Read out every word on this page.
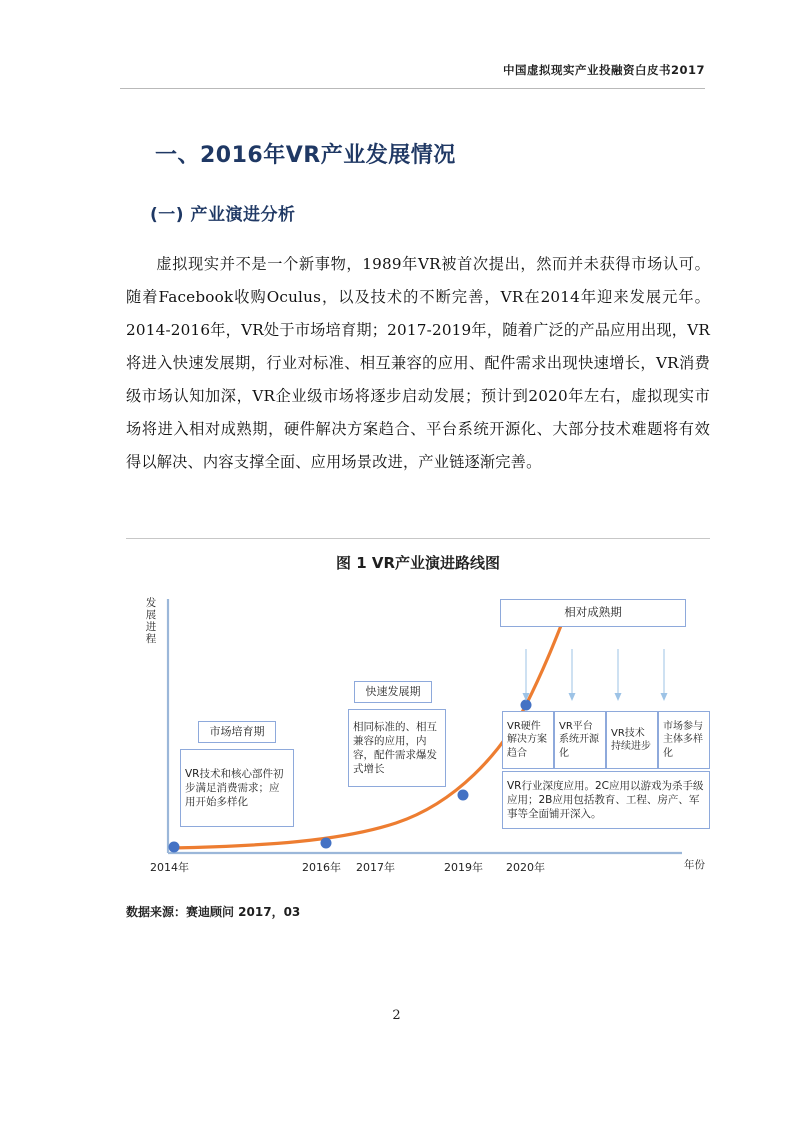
中国虚拟现实产业投融资白皮书2017
一、2016年VR产业发展情况
(一) 产业演进分析
虚拟现实并不是一个新事物，1989年VR被首次提出，然而并未获得市场认可。随着Facebook收购Oculus，以及技术的不断完善，VR在2014年迎来发展元年。2014-2016年，VR处于市场培育期；2017-2019年，随着广泛的产品应用出现，VR将进入快速发展期，行业对标准、相互兼容的应用、配件需求出现快速增长，VR消费级市场认知加深，VR企业级市场将逐步启动发展；预计到2020年左右，虚拟现实市场将进入相对成熟期，硬件解决方案趋合、平台系统开源化、大部分技术难题将有效得以解决、内容支撑全面、应用场景改进，产业链逐渐完善。
图 1 VR产业演进路线图
发展进程
年份
2014年	2016年 2017年	2019年 2020年
相对成熟期
快速发展期
市场培育期
VR技术和核心部件初步满足消费需求；应用开始多样化
相同标准的、相互兼容的应用，内容，配件需求爆发式增长
VR硬件解决方案趋合
VR平台系统开源化
VR技术持续进步
市场参与主体多样化
VR行业深度应用。2C应用以游戏为杀手级应用；2B应用包括教育、工程、房产、军事等全面铺开深入。
数据来源：赛迪顾问 2017，03
2
